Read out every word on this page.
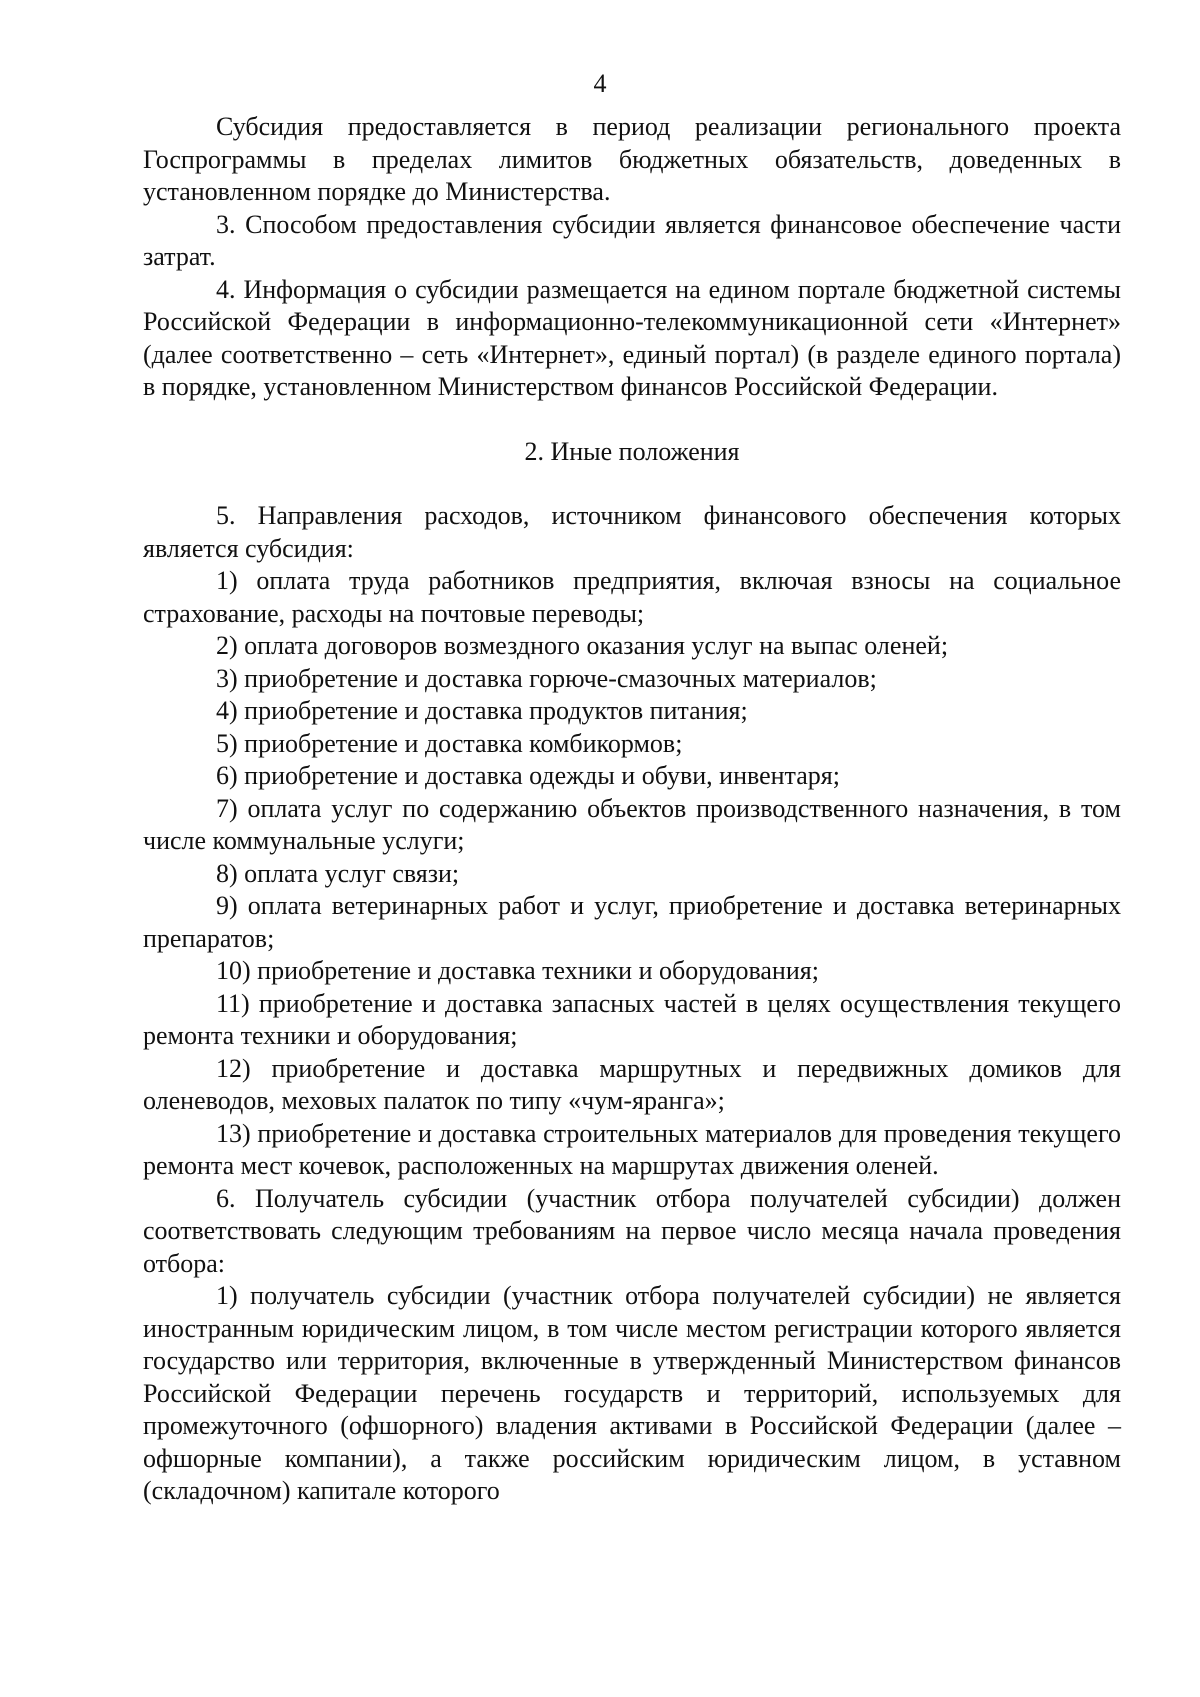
4

Субсидия предоставляется в период реализации регионального проекта Госпрограммы в пределах лимитов бюджетных обязательств, доведенных в установленном порядке до Министерства.

3. Способом предоставления субсидии является финансовое обеспечение части затрат.

4. Информация о субсидии размещается на едином портале бюджетной системы Российской Федерации в информационно-телекоммуникационной сети «Интернет» (далее соответственно – сеть «Интернет», единый портал) (в разделе единого портала) в порядке, установленном Министерством финансов Российской Федерации.

2. Иные положения

5. Направления расходов, источником финансового обеспечения которых является субсидия:

1) оплата труда работников предприятия, включая взносы на социальное страхование, расходы на почтовые переводы;

2) оплата договоров возмездного оказания услуг на выпас оленей;

3) приобретение и доставка горюче-смазочных материалов;

4) приобретение и доставка продуктов питания;

5) приобретение и доставка комбикормов;

6) приобретение и доставка одежды и обуви, инвентаря;

7) оплата услуг по содержанию объектов производственного назначения, в том числе коммунальные услуги;

8) оплата услуг связи;

9) оплата ветеринарных работ и услуг, приобретение и доставка ветеринарных препаратов;

10) приобретение и доставка техники и оборудования;

11) приобретение и доставка запасных частей в целях осуществления текущего ремонта техники и оборудования;

12) приобретение и доставка маршрутных и передвижных домиков для оленеводов, меховых палаток по типу «чум-яранга»;

13) приобретение и доставка строительных материалов для проведения текущего ремонта мест кочевок, расположенных на маршрутах движения оленей.

6. Получатель субсидии (участник отбора получателей субсидии) должен соответствовать следующим требованиям на первое число месяца начала проведения отбора:

1) получатель субсидии (участник отбора получателей субсидии) не является иностранным юридическим лицом, в том числе местом регистрации которого является государство или территория, включенные в утвержденный Министерством финансов Российской Федерации перечень государств и территорий, используемых для промежуточного (офшорного) владения активами в Российской Федерации (далее – офшорные компании), а также российским юридическим лицом, в уставном (складочном) капитале которого
